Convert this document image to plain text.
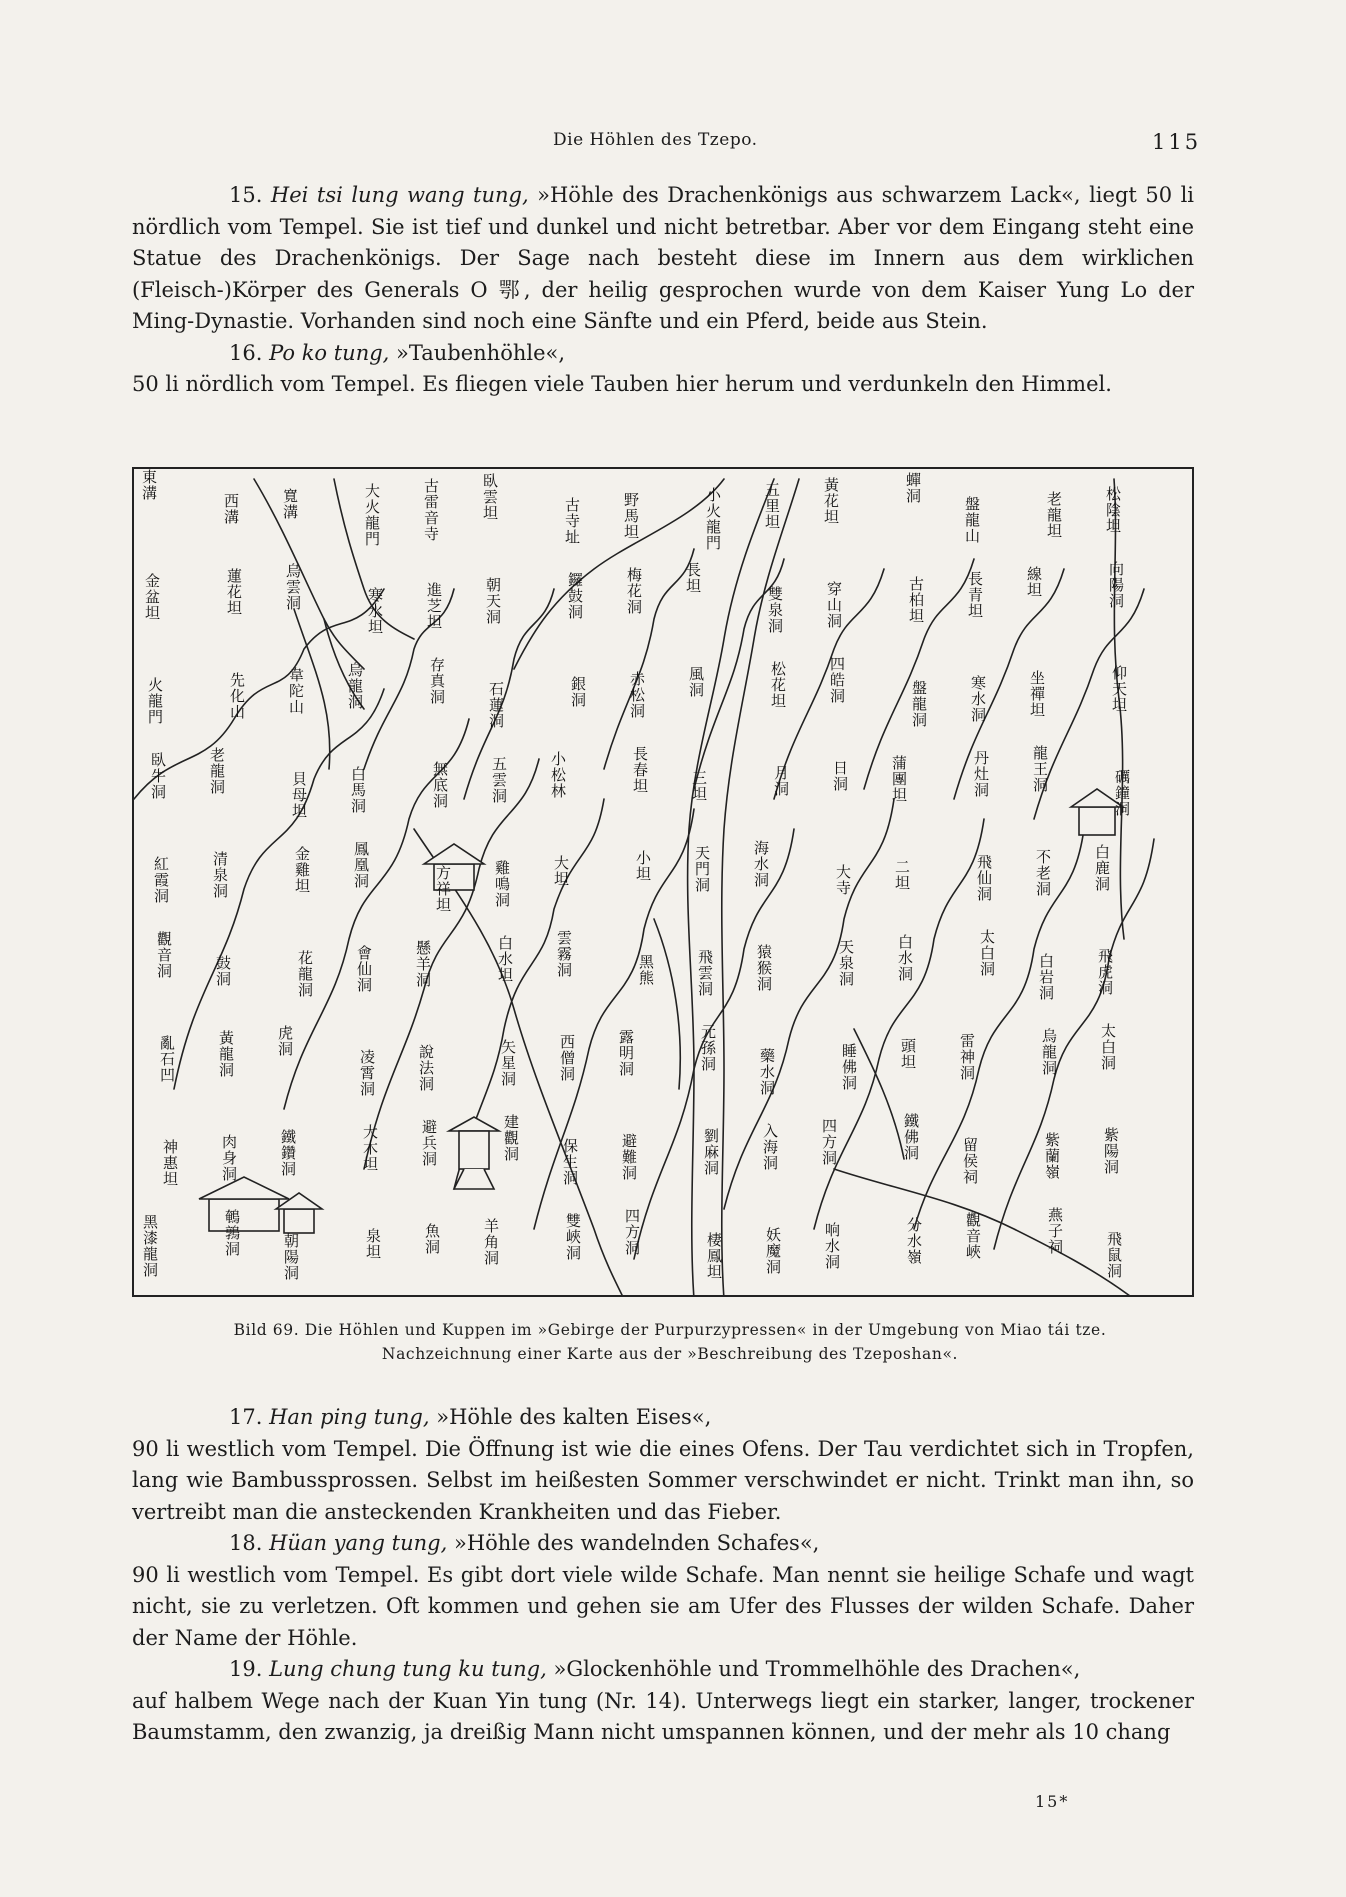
Die Höhlen des Tzepo.	115

15. Hei tsi lung wang tung, »Höhle des Drachenkönigs aus schwarzem Lack«, liegt 50 li nördlich vom Tempel. Sie ist tief und dunkel und nicht betretbar. Aber vor dem Eingang steht eine Statue des Drachenkönigs. Der Sage nach besteht diese im Innern aus dem wirklichen (Fleisch-)Körper des Generals O 鄂, der heilig gesprochen wurde von dem Kaiser Yung Lo der Ming-Dynastie. Vorhanden sind noch eine Sänfte und ein Pferd, beide aus Stein.

16. Po ko tung, »Taubenhöhle«,

50 li nördlich vom Tempel. Es fliegen viele Tauben hier herum und verdunkeln den Himmel.

東溝
西溝	寬溝	大火龍門	古雷音寺	臥雲坦	古寺址	野馬坦	小火龍門	五里坦	黃花坦	蟬洞
盤龍山	老龍坦	松陰坦
金盆坦	蓮花坦	烏雲洞	寒水坦	進芝坦	朝天洞	鑼鼓洞	梅花洞	長坦
雙泉洞	穿山洞	古柏坦	長青坦	線坦	向陽洞
火龍門	先化山	韋陀山	烏龍洞	存真洞	石蓮洞	銀洞	赤松洞	風洞	松花坦	四皓洞	盤龍洞	寒水洞	坐禪坦	仰天坦
臥牛洞	老龍洞	貝母坦	白馬洞	無底洞	五雲洞	小松林	長春坦	三坦	月洞	日洞	蒲團坦	丹灶洞	龍王洞	礪鐘洞
紅霞洞	清泉洞	金雞坦	鳳凰洞	方祥坦	雞鳴洞	大坦	小坦	天門洞	海水洞	大寺	二坦	飛仙洞	不老洞	白鹿洞
觀音洞	鼓洞	花龍洞	會仙洞	懸羊洞	白水坦	雲霧洞	黑熊	飛雲洞	猿猴洞	天泉洞	白水洞	太白洞	白岩洞	飛虎洞
亂石凹	黃龍洞	虎洞
凌霄洞	說法洞	矢星洞	西僧洞	露明洞	元孫洞	藥水洞	睡佛洞	頭坦	雷神洞	烏龍洞	太白洞
神惠坦	肉身洞	鐵鑽洞	大木坦	避兵洞	建觀洞	保生洞	避難洞	劉麻洞	入海洞	四方洞	鐵佛洞	留侯祠	紫蘭嶺	紫陽洞
黑漆龍洞	鵪鶉洞	朝陽洞	泉坦	魚洞	羊角洞	雙峽洞	四方洞	棲鳳坦	妖魔洞	响水洞	分水嶺	觀音峽	燕子祠	飛鼠洞
Bild 69. Die Höhlen und Kuppen im »Gebirge der Purpurzypressen« in der Umgebung von Miao tái tze.
Nachzeichnung einer Karte aus der »Beschreibung des Tzeposhan«.

17. Han ping tung, »Höhle des kalten Eises«,

90 li westlich vom Tempel. Die Öffnung ist wie die eines Ofens. Der Tau verdichtet sich in Tropfen, lang wie Bambussprossen. Selbst im heißesten Sommer verschwindet er nicht. Trinkt man ihn, so vertreibt man die ansteckenden Krankheiten und das Fieber.

18. Hüan yang tung, »Höhle des wandelnden Schafes«,

90 li westlich vom Tempel. Es gibt dort viele wilde Schafe. Man nennt sie heilige Schafe und wagt nicht, sie zu verletzen. Oft kommen und gehen sie am Ufer des Flusses der wilden Schafe. Daher der Name der Höhle.

19. Lung chung tung ku tung, »Glockenhöhle und Trommelhöhle des Drachen«,

auf halbem Wege nach der Kuan Yin tung (Nr. 14). Unterwegs liegt ein starker, langer, trockener Baumstamm, den zwanzig, ja dreißig Mann nicht umspannen können, und der mehr als 10 chang

15*
